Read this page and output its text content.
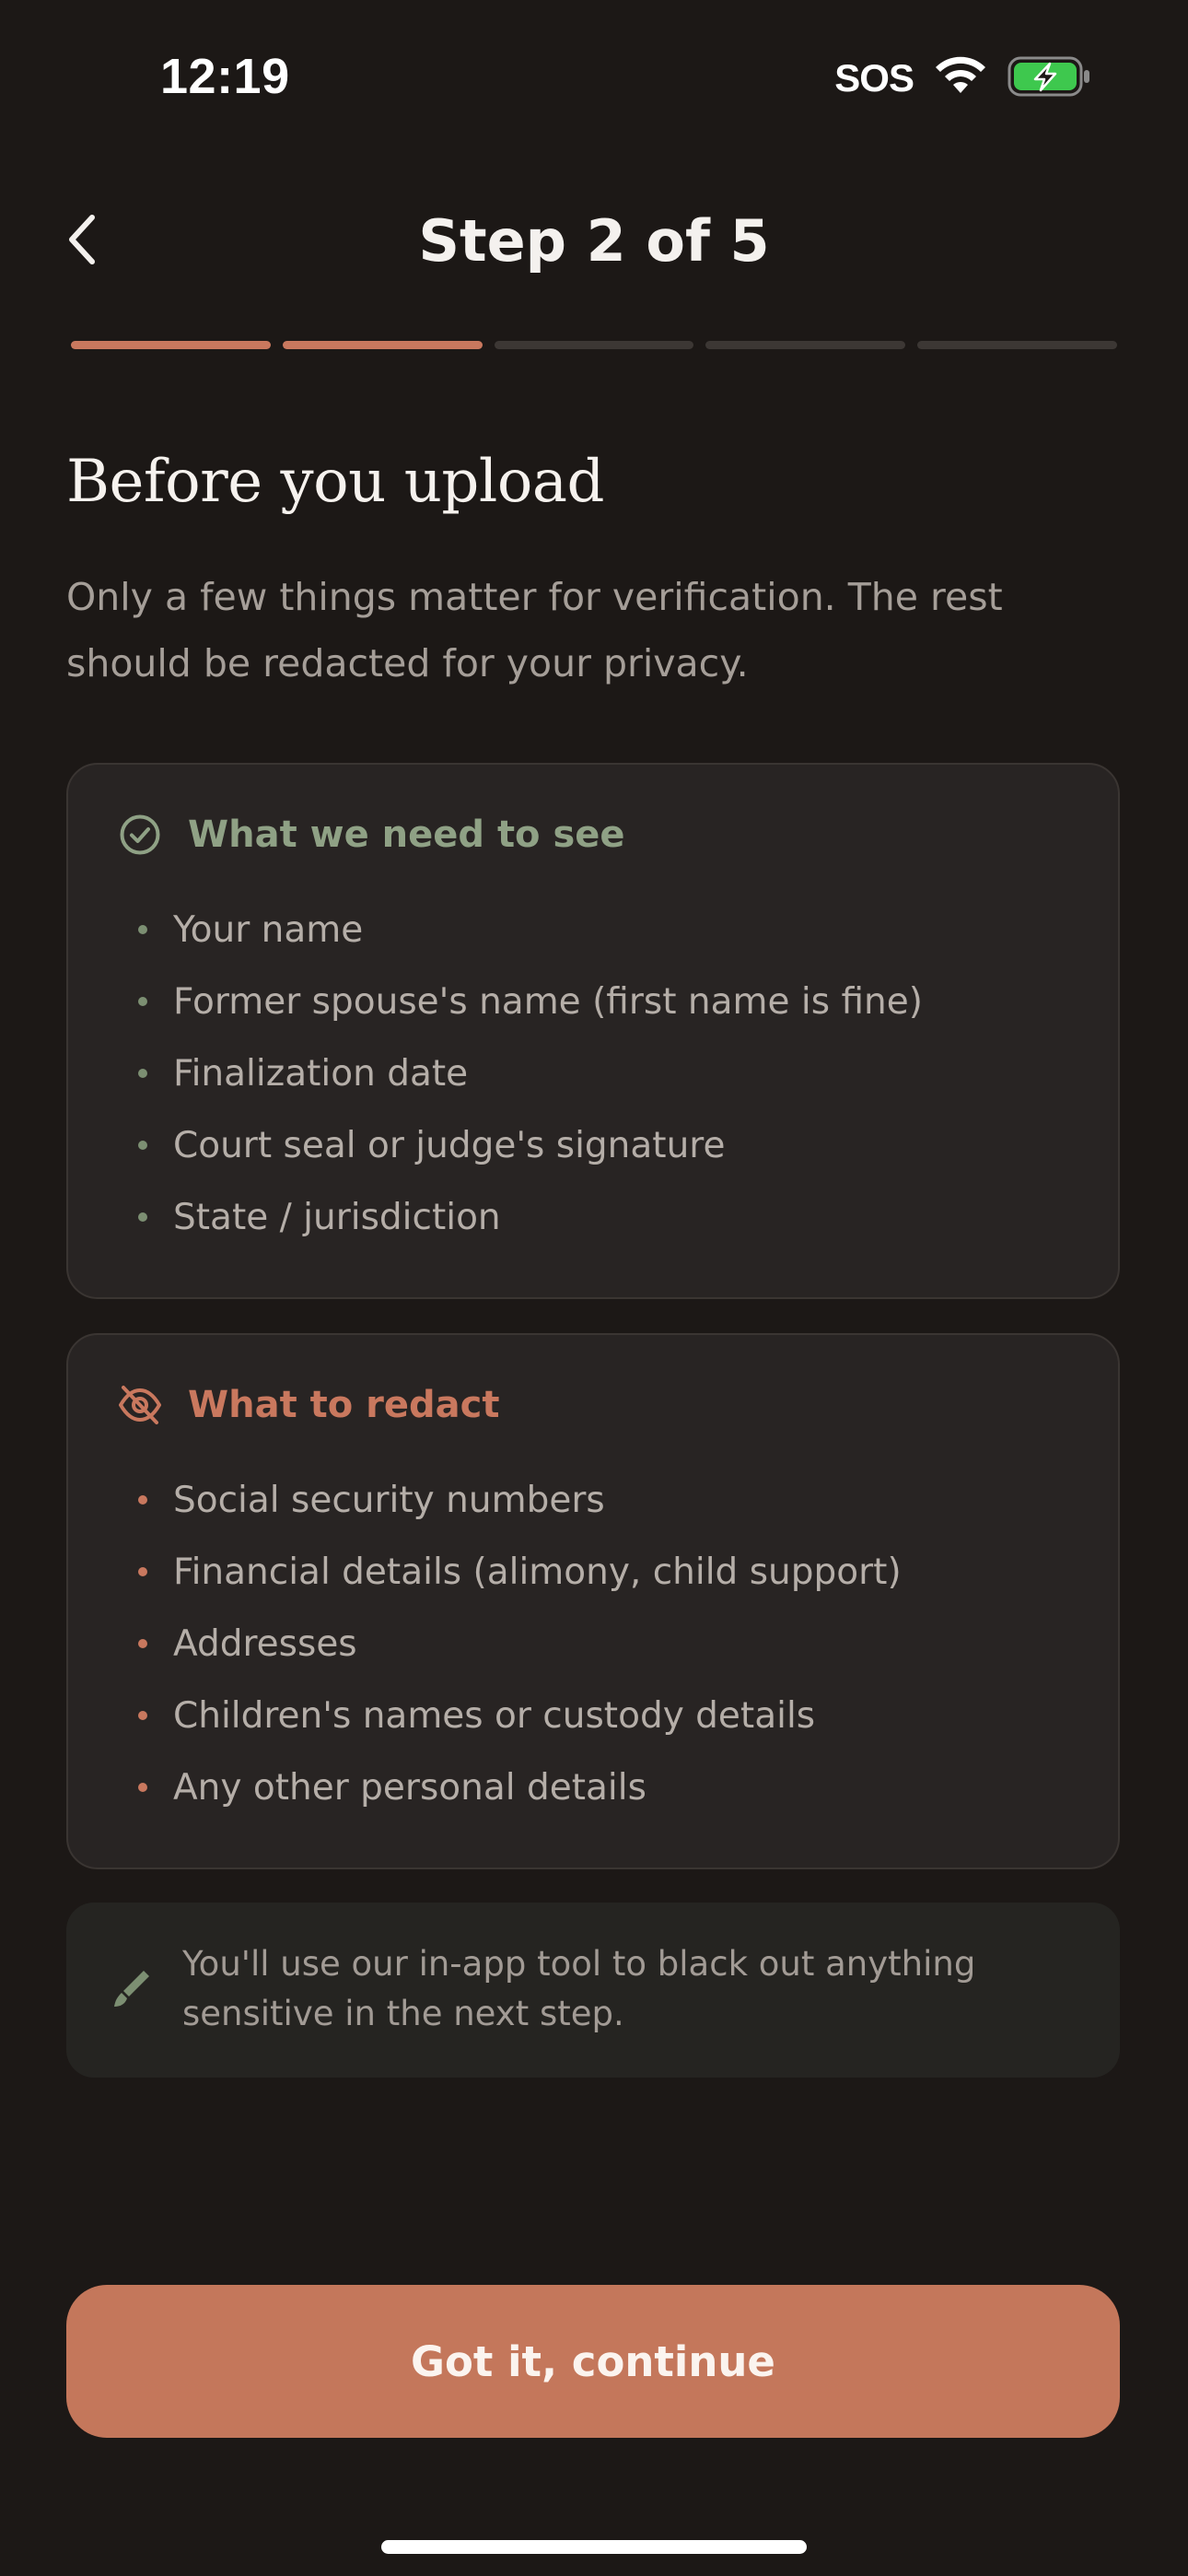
12:19	SOS
Step 2 of 5
Before you upload
Only a few things matter for verification. The rest should be redacted for your privacy.
What we need to see
Your name
Former spouse's name (first name is fine)
Finalization date
Court seal or judge's signature
State / jurisdiction
What to redact
Social security numbers
Financial details (alimony, child support)
Addresses
Children's names or custody details
Any other personal details
You'll use our in-app tool to black out anything sensitive in the next step.
Got it, continue
